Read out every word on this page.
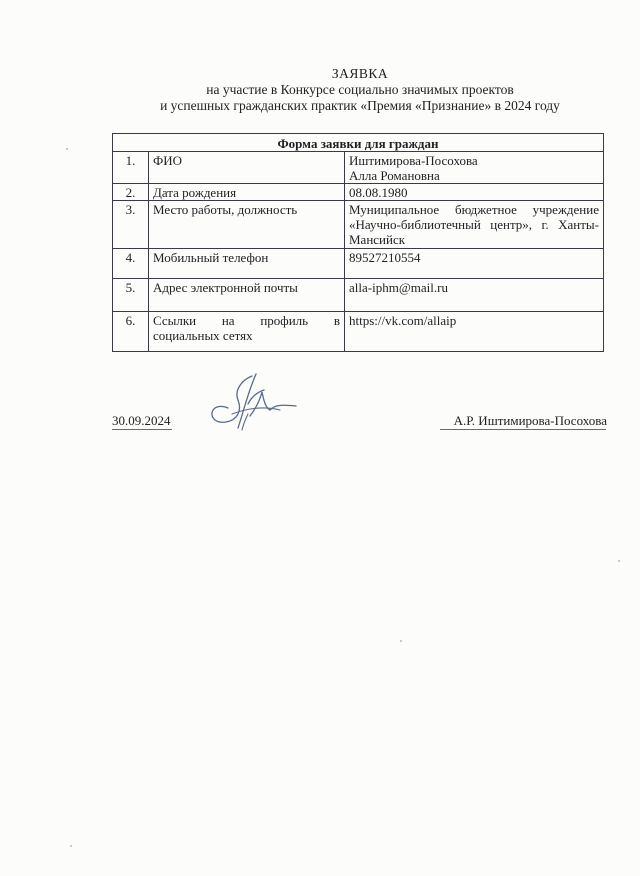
ЗАЯВКА
на участие в Конкурсе социально значимых проектов
и успешных гражданских практик «Премия «Признание» в 2024 году
Форма заявки для граждан		
1.	ФИО	Иштимирова-Посохова
Алла Романовна

2.	Дата рождения	08.08.1980
3.	Место работы, должность	Муниципальное бюджетное учреждение «Научно-библиотечный центр», г. Ханты-Мансийск
4.	Мобильный телефон	89527210554
5.	Адрес электронной почты	alla-iphm@mail.ru
6.	Ссылки на профиль в социальных сетях	https://vk.com/allaip
30.09.2024	А.Р. Иштимирова-Посохова
